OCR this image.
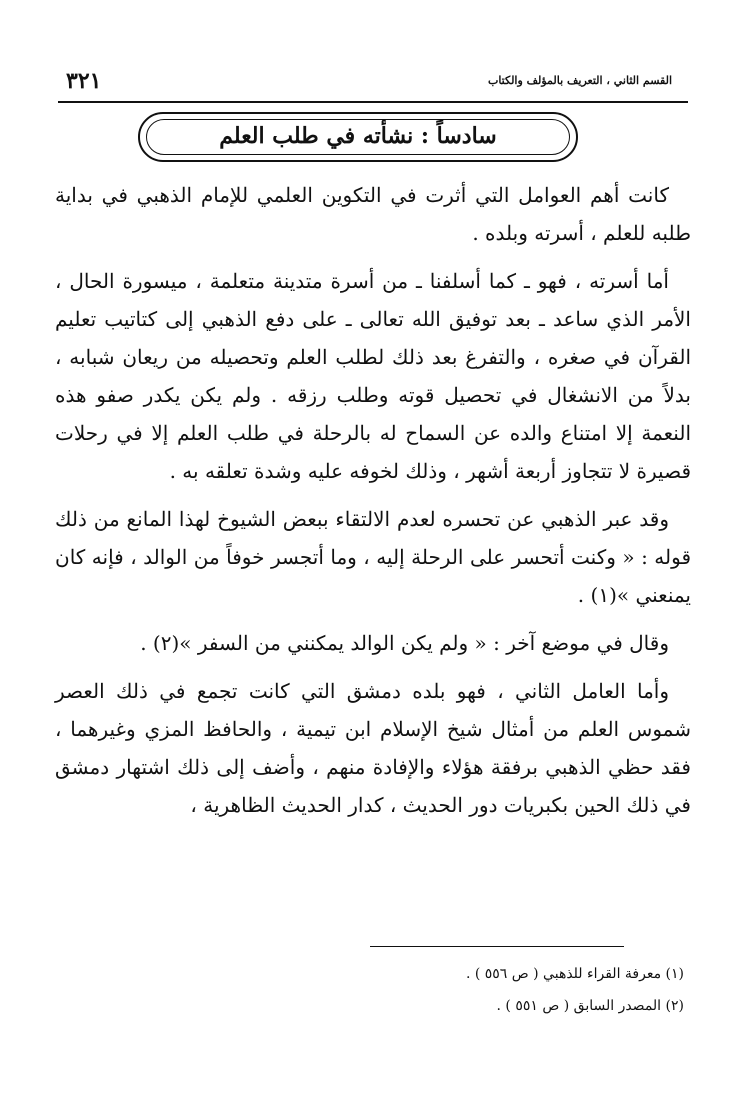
٣٢١	القسم الثاني ، التعريف بالمؤلف والكتاب
سادساً : نشأته في طلب العلم

كانت أهم العوامل التي أثرت في التكوين العلمي للإمام الذهبي في بداية طلبه للعلم ، أسرته وبلده .

أما أسرته ، فهو ـ كما أسلفنا ـ من أسرة متدينة متعلمة ، ميسورة الحال ، الأمر الذي ساعد ـ بعد توفيق الله تعالى ـ على دفع الذهبي إلى كتاتيب تعليم القرآن في صغره ، والتفرغ بعد ذلك لطلب العلم وتحصيله من ريعان شبابه ، بدلاً من الانشغال في تحصيل قوته وطلب رزقه . ولم يكن يكدر صفو هذه النعمة إلا امتناع والده عن السماح له بالرحلة في طلب العلم إلا في رحلات قصيرة لا تتجاوز أربعة أشهر ، وذلك لخوفه عليه وشدة تعلقه به .

وقد عبر الذهبي عن تحسره لعدم الالتقاء ببعض الشيوخ لهذا المانع من ذلك قوله : « وكنت أتحسر على الرحلة إليه ، وما أتجسر خوفاً من الوالد ، فإنه كان يمنعني »(١) .

وقال في موضع آخر : « ولم يكن الوالد يمكنني من السفر »(٢) .

وأما العامل الثاني ، فهو بلده دمشق التي كانت تجمع في ذلك العصر شموس العلم من أمثال شيخ الإسلام ابن تيمية ، والحافظ المزي وغيرهما ، فقد حظي الذهبي برفقة هؤلاء والإفادة منهم ، وأضف إلى ذلك اشتهار دمشق في ذلك الحين بكبريات دور الحديث ، كدار الحديث الظاهرية ،

(١) معرفة القراء للذهبي ( ص ٥٥٦ ) .

(٢) المصدر السابق ( ص ٥٥١ ) .
